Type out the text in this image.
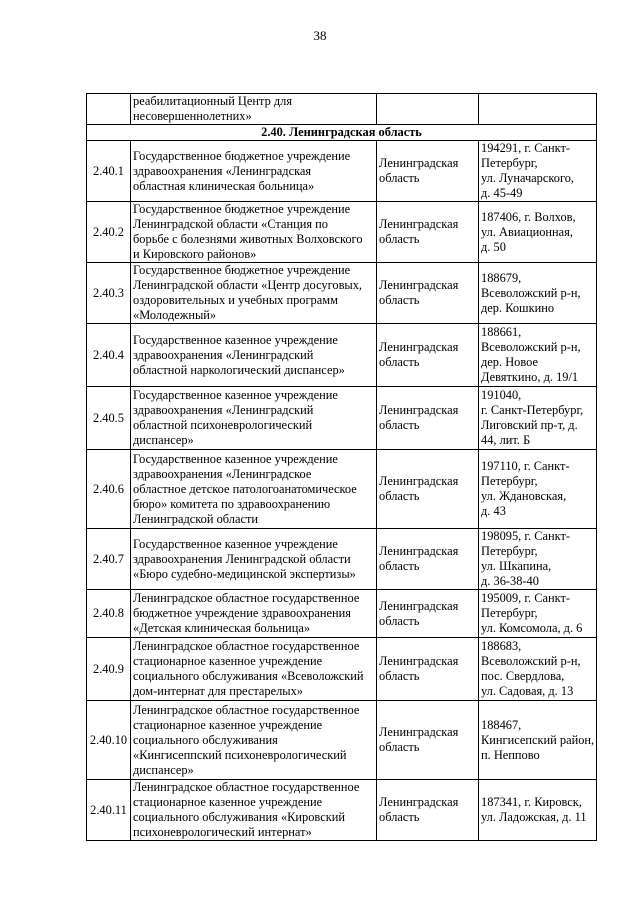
38

	реабилитационный Центр для
несовершеннолетних»		

2.40. Ленинградская область			
2.40.1	Государственное бюджетное учреждение
здравоохранения «Ленинградская
областная клиническая больница»	Ленинградская
область	194291, г. Санкт-
Петербург,
ул. Луначарского,
д. 45-49

2.40.2	Государственное бюджетное учреждение
Ленинградской области «Станция по
борьбе с болезнями животных Волховского
и Кировского районов»	Ленинградская
область	187406, г. Волхов,
ул. Авиационная,
д. 50

2.40.3	Государственное бюджетное учреждение
Ленинградской области «Центр досуговых,
оздоровительных и учебных программ
«Молодежный»	Ленинградская
область	188679,
Всеволожский р-н,
дер. Кошкино

2.40.4	Государственное казенное учреждение
здравоохранения «Ленинградский
областной наркологический диспансер»	Ленинградская
область	188661,
Всеволожский р-н,
дер. Новое
Девяткино, д. 19/1

2.40.5	Государственное казенное учреждение
здравоохранения «Ленинградский
областной психоневрологический
диспансер»	Ленинградская
область	191040,
г. Санкт-Петербург,
Лиговский пр-т, д.
44, лит. Б

2.40.6	Государственное казенное учреждение
здравоохранения «Ленинградское
областное детское патологоанатомическое
бюро» комитета по здравоохранению
Ленинградской области	Ленинградская
область	197110, г. Санкт-
Петербург,
ул. Ждановская,
д. 43

2.40.7	Государственное казенное учреждение
здравоохранения Ленинградской области
«Бюро судебно-медицинской экспертизы»	Ленинградская
область	198095, г. Санкт-
Петербург,
ул. Шкапина,
д. 36-38-40

2.40.8	Ленинградское областное государственное
бюджетное учреждение здравоохранения
«Детская клиническая больница»	Ленинградская
область	195009, г. Санкт-
Петербург,
ул. Комсомола, д. 6

2.40.9	Ленинградское областное государственное
стационарное казенное учреждение
социального обслуживания «Всеволожский
дом-интернат для престарелых»	Ленинградская
область	188683,
Всеволожский р-н,
пос. Свердлова,
ул. Садовая, д. 13

2.40.10	Ленинградское областное государственное
стационарное казенное учреждение
социального обслуживания
«Кингисеппский психоневрологический
диспансер»	Ленинградская
область	188467,
Кингисепский район,
п. Неппово

2.40.11	Ленинградское областное государственное
стационарное казенное учреждение
социального обслуживания «Кировский
психоневрологический интернат»	Ленинградская
область	187341, г. Кировск,
ул. Ладожская, д. 11
